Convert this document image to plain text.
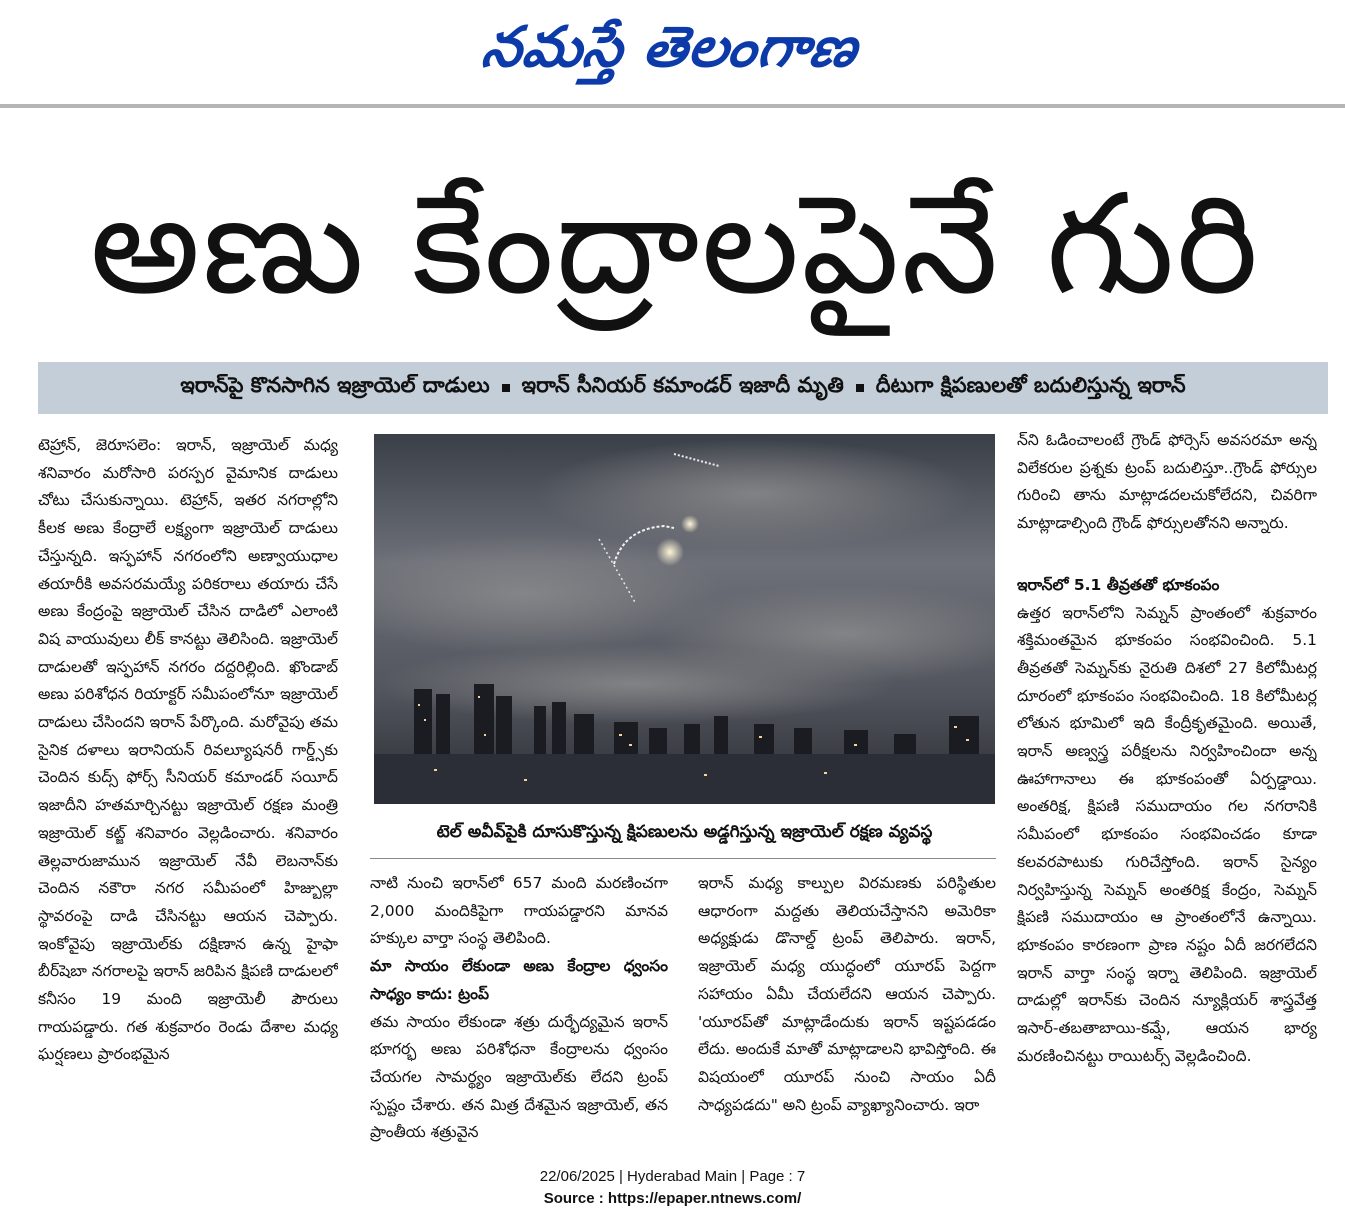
నమస్తే తెలంగాణ
అణు కేంద్రాలపైనే గురి
ఇరాన్‌పై కొనసాగిన ఇజ్రాయెల్ దాడులు ఇరాన్ సీనియర్ కమాండర్ ఇజాదీ మృతి దీటుగా క్షిపణులతో బదులిస్తున్న ఇరాన్

టెహ్రాన్, జెరూసలెం: ఇరాన్, ఇజ్రాయెల్ మధ్య శనివారం మరోసారి పరస్పర వైమానిక దాడులు చోటు చేసుకున్నాయి. టెహ్రాన్, ఇతర నగరాల్లోని కీలక అణు కేంద్రాలే లక్ష్యంగా ఇజ్రాయెల్ దాడులు చేస్తున్నది. ఇస్ఫహాన్ నగరంలోని అణ్వాయుధాల తయారీకి అవసరమయ్యే పరికరాలు తయారు చేసే అణు కేంద్రంపై ఇజ్రాయెల్ చేసిన దాడిలో ఎలాంటి విష వాయువులు లీక్ కానట్టు తెలిసింది. ఇజ్రాయెల్ దాడులతో ఇస్ఫహాన్ నగరం దద్దరిల్లింది. ఖొండాబ్ అణు పరిశోధన రియాక్టర్ సమీపంలోనూ ఇజ్రాయెల్ దాడులు చేసిందని ఇరాన్ పేర్కొంది. మరోవైపు తమ సైనిక దళాలు ఇరానియన్ రివల్యూషనరీ గార్డ్స్‌కు చెందిన కుద్స్ ఫోర్స్ సీనియర్ కమాండర్ సయీద్ ఇజాదీని హతమార్చినట్టు ఇజ్రాయెల్ రక్షణ మంత్రి ఇజ్రాయెల్ కట్జ్ శనివారం వెల్లడించారు. శనివారం తెల్లవారుజామున ఇజ్రాయెల్ నేవీ లెబనాన్‌కు చెందిన నకౌరా నగర సమీపంలో హిజ్బుల్లా స్థావరంపై దాడి చేసినట్టు ఆయన చెప్పారు. ఇంకోవైపు ఇజ్రాయెల్‌కు దక్షిణాన ఉన్న హైఫా బీర్‌షెబా నగరాలపై ఇరాన్ జరిపిన క్షిపణి దాడులలో కనీసం 19 మంది ఇజ్రాయెలీ పౌరులు గాయపడ్డారు. గత శుక్రవారం రెండు దేశాల మధ్య ఘర్షణలు ప్రారంభమైన

టెల్ అవీవ్‌పైకి దూసుకొస్తున్న క్షిపణులను అడ్డగిస్తున్న ఇజ్రాయెల్ రక్షణ వ్యవస్థ

నాటి నుంచి ఇరాన్‌లో 657 మంది మరణించగా 2,000 మందికిపైగా గాయపడ్డారని మానవ హక్కుల వార్తా సంస్థ తెలిపింది.

మా సాయం లేకుండా అణు కేంద్రాల ధ్వంసం సాధ్యం కాదు: ట్రంప్

తమ సాయం లేకుండా శత్రు దుర్భేద్యమైన ఇరాన్ భూగర్భ అణు పరిశోధనా కేంద్రాలను ధ్వంసం చేయగల సామర్థ్యం ఇజ్రాయెల్‌కు లేదని ట్రంప్ స్పష్టం చేశారు. తన మిత్ర దేశమైన ఇజ్రాయెల్, తన ప్రాంతీయ శత్రువైన

ఇరాన్ మధ్య కాల్పుల విరమణకు పరిస్థితుల ఆధారంగా మద్దతు తెలియచేస్తానని అమెరికా అధ్యక్షుడు డొనాల్డ్ ట్రంప్ తెలిపారు. ఇరాన్, ఇజ్రాయెల్ మధ్య యుద్ధంలో యూరప్ పెద్దగా సహాయం ఏమీ చేయలేదని ఆయన చెప్పారు. 'యూరప్‌తో మాట్లాడేందుకు ఇరాన్ ఇష్టపడడం లేదు. అందుకే మాతో మాట్లాడాలని భావిస్తోంది. ఈ విషయంలో యూరప్ నుంచి సాయం ఏదీ సాధ్యపడదు" అని ట్రంప్ వ్యాఖ్యానించారు. ఇరా

న్‌ని ఓడించాలంటే గ్రౌండ్ ఫోర్సెస్ అవసరమా అన్న విలేకరుల ప్రశ్నకు ట్రంప్ బదులిస్తూ..గ్రౌండ్ ఫోర్సుల గురించి తాను మాట్లాడదలచుకోలేదని, చివరిగా మాట్లాడాల్సింది గ్రౌండ్ ఫోర్సులతోనని అన్నారు.

ఇరాన్‌లో 5.1 తీవ్రతతో భూకంపం

ఉత్తర ఇరాన్‌లోని సెమ్నన్ ప్రాంతంలో శుక్రవారం శక్తిమంతమైన భూకంపం సంభవించింది. 5.1 తీవ్రతతో సెమ్నన్‌కు నైరుతి దిశలో 27 కిలోమీటర్ల దూరంలో భూకంపం సంభవించింది. 18 కిలోమీటర్ల లోతున భూమిలో ఇది కేంద్రీకృతమైంది. అయితే, ఇరాన్ అణ్వస్త్ర పరీక్షలను నిర్వహించిందా అన్న ఊహాగానాలు ఈ భూకంపంతో ఏర్పడ్డాయి. అంతరిక్ష, క్షిపణి సముదాయం గల నగరానికి సమీపంలో భూకంపం సంభవించడం కూడా కలవరపాటుకు గురిచేస్తోంది. ఇరాన్ సైన్యం నిర్వహిస్తున్న సెమ్నన్ అంతరిక్ష కేంద్రం, సెమ్నన్ క్షిపణి సముదాయం ఆ ప్రాంతంలోనే ఉన్నాయి. భూకంపం కారణంగా ప్రాణ నష్టం ఏదీ జరగలేదని ఇరాన్ వార్తా సంస్థ ఇర్నా తెలిపింది. ఇజ్రాయెల్ దాడుల్లో ఇరాన్‌కు చెందిన న్యూక్లియర్ శాస్త్రవేత్త ఇసార్-తబతాబాయి-కమ్షే, ఆయన భార్య మరణించినట్టు రాయిటర్స్ వెల్లడించింది.

22/06/2025 | Hyderabad Main | Page : 7
Source : https://epaper.ntnews.com/
